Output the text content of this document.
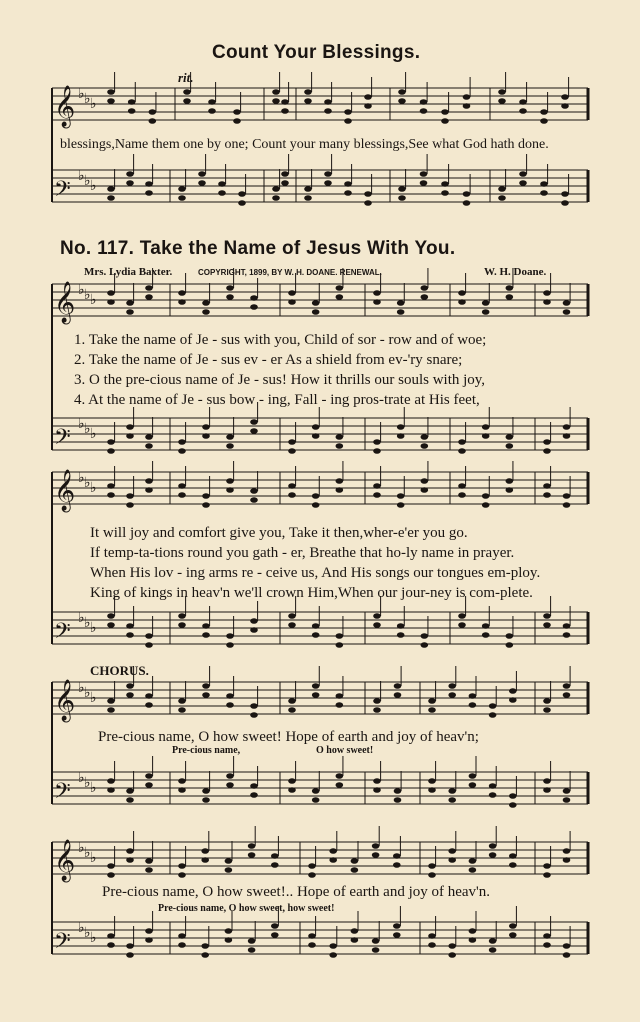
𝄞 ♭ ♭ ♭
𝄢
♭ ♭ ♭
𝄞 ♭ ♭ ♭
𝄢
♭ ♭ ♭
𝄞 ♭ ♭ ♭
𝄢
♭ ♭ ♭
𝄞 ♭ ♭ ♭
𝄢
♭ ♭ ♭
𝄞 ♭ ♭ ♭
𝄢
♭ ♭ ♭
Count Your Blessings.
rit.
blessings,Name them one by one; Count your many blessings,See what God hath done.
No. 117. Take the Name of Jesus With You.
Mrs. Lydia Baxter.	COPYRIGHT, 1899, BY W. H. DOANE. RENEWAL.	W. H. Doane.
1. Take the name of Je - sus with you, Child of sor - row and of woe;
2. Take the name of Je - sus ev - er As a shield from ev-'ry snare;
3. O the pre-cious name of Je - sus! How it thrills our souls with joy,
4. At the name of Je - sus bow - ing, Fall - ing pros-trate at His feet,
It will joy and comfort give you, Take it then,wher-e'er you go.
If temp-ta-tions round you gath - er, Breathe that ho-ly name in prayer.
When His lov - ing arms re - ceive us, And His songs our tongues em-ploy.
King of kings in heav'n we'll crown Him,When our jour-ney is com-plete.
CHORUS.
Pre-cious name, O how sweet! Hope of earth and joy of heav'n;
Pre-cious name,	O how sweet!
Pre-cious name, O how sweet!.. Hope of earth and joy of heav'n.
Pre-cious name, O how sweet, how sweet!
